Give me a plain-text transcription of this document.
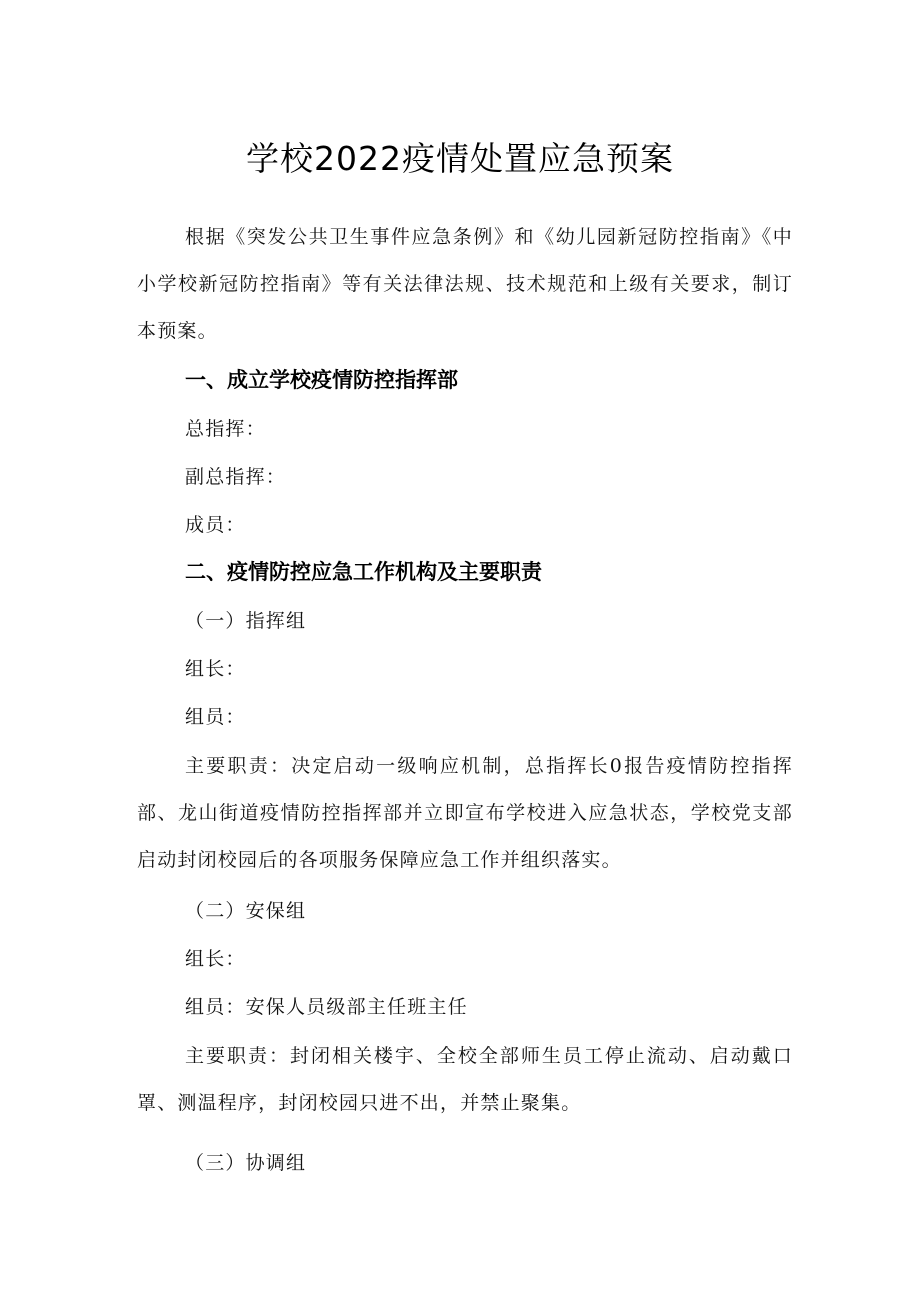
学校2022疫情处置应急预案

根据《突发公共卫生事件应急条例》和《幼儿园新冠防控指南》《中小学校新冠防控指南》等有关法律法规、技术规范和上级有关要求，制订本预案。

一、成立学校疫情防控指挥部

总指挥：

副总指挥：

成员：

二、疫情防控应急工作机构及主要职责

（一）指挥组

组长：

组员：

主要职责：决定启动一级响应机制，总指挥长0报告疫情防控指挥部、龙山街道疫情防控指挥部并立即宣布学校进入应急状态，学校党支部启动封闭校园后的各项服务保障应急工作并组织落实。

（二）安保组

组长：

组员：安保人员级部主任班主任

主要职责：封闭相关楼宇、全校全部师生员工停止流动、启动戴口罩、测温程序，封闭校园只进不出，并禁止聚集。

（三）协调组
